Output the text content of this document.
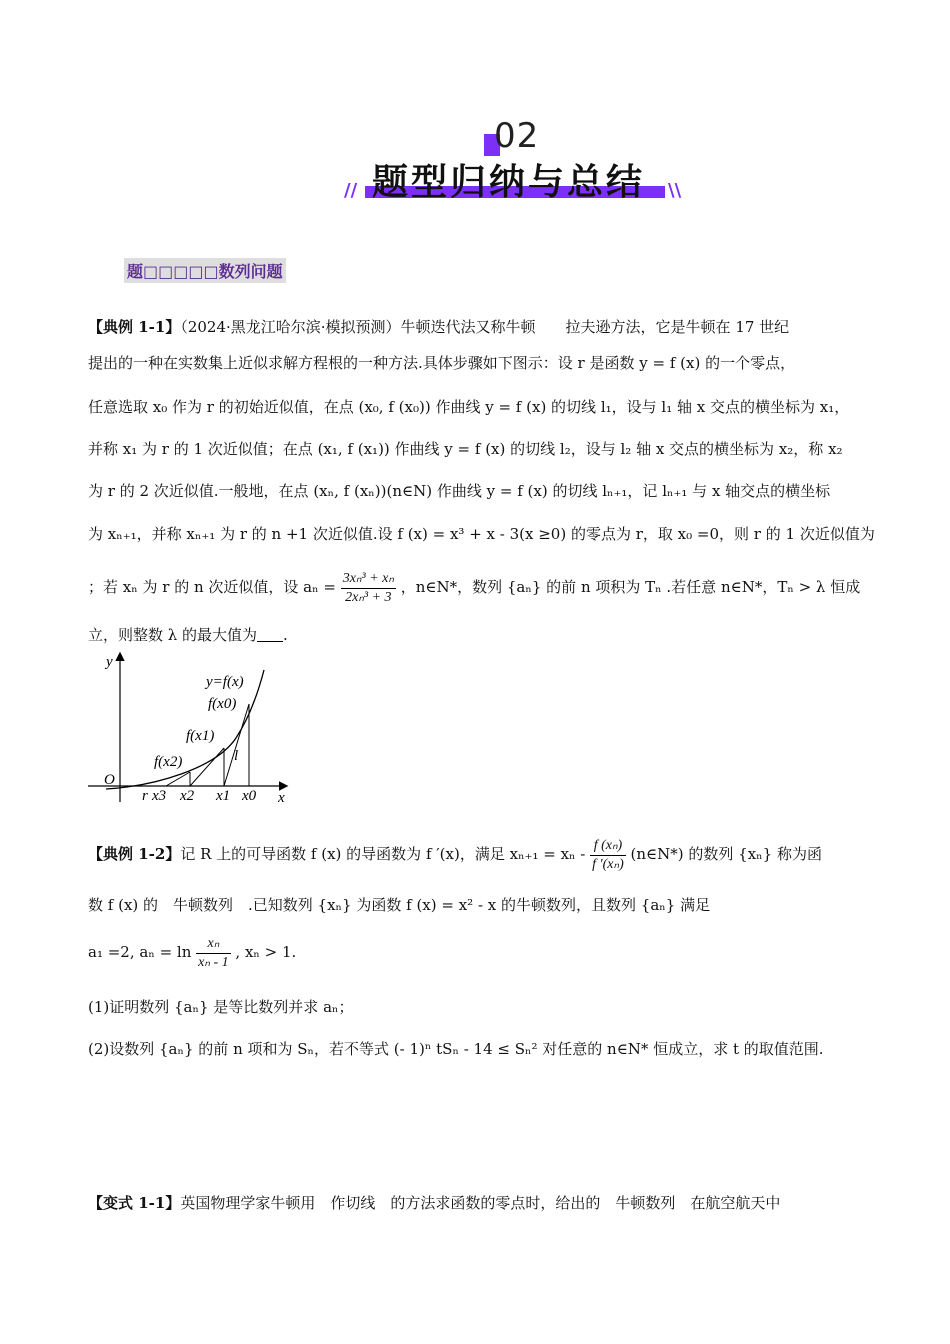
02
题型归纳与总结
//	\\
题□□□□□数列问题
【典例 1-1】（2024·黑龙江哈尔滨·模拟预测）牛顿迭代法又称牛顿 拉夫逊方法，它是牛顿在 17 世纪
提出的一种在实数集上近似求解方程根的一种方法.具体步骤如下图示：设 r 是函数 y = f (x) 的一个零点，
任意选取 x₀ 作为 r 的初始近似值，在点 (x₀, f (x₀)) 作曲线 y = f (x) 的切线 l₁，设与 l₁ 轴 x 交点的横坐标为 x₁，
并称 x₁ 为 r 的 1 次近似值；在点 (x₁, f (x₁)) 作曲线 y = f (x) 的切线 l₂，设与 l₂ 轴 x 交点的横坐标为 x₂，称 x₂
为 r 的 2 次近似值.一般地，在点 (xₙ, f (xₙ))(n∈N) 作曲线 y = f (x) 的切线 lₙ₊₁，记 lₙ₊₁ 与 x 轴交点的横坐标
为 xₙ₊₁，并称 xₙ₊₁ 为 r 的 n +1 次近似值.设 f (x) = x³ + x - 3(x ≥0) 的零点为 r，取 x₀ =0，则 r 的 1 次近似值为
；若 xₙ 为 r 的 n 次近似值，设 $a_n = \frac{\text{3xₙ³ + xₙ}}{\text{2xₙ³ + 3}}$ ，n∈N*，数列 {aₙ} 的前 n 项积为 Tₙ .若任意 n∈N*，Tₙ > λ 恒成
立，则整数 λ 的最大值为 .
y
x
O
y=f(x)
f(x0)
f(x1)
f(x2)	l
r x3 x2 x1 x0
【典例 1-2】记 R 上的可导函数 f (x) 的导函数为 f ′(x)，满足 $x_{n+1} = x_n - \frac{\text{f (xₙ)}}{\text{f ′(xₙ)}}$ (n∈N*) 的数列 {xₙ} 称为函
数 f (x) 的　牛顿数列　.已知数列 {xₙ} 为函数 f (x) = x² - x 的牛顿数列，且数列 {aₙ} 满足
a₁ =2, $a_n = \ln \frac{\text{xₙ}}{\text{xₙ - 1}}$ , xₙ > 1.
(1)证明数列 {aₙ} 是等比数列并求 aₙ；
(2)设数列 {aₙ} 的前 n 项和为 Sₙ，若不等式 (- 1)ⁿ tSₙ - 14 ≤ Sₙ² 对任意的 n∈N* 恒成立，求 t 的取值范围.
【变式 1-1】英国物理学家牛顿用　作切线　的方法求函数的零点时，给出的　牛顿数列　在航空航天中
